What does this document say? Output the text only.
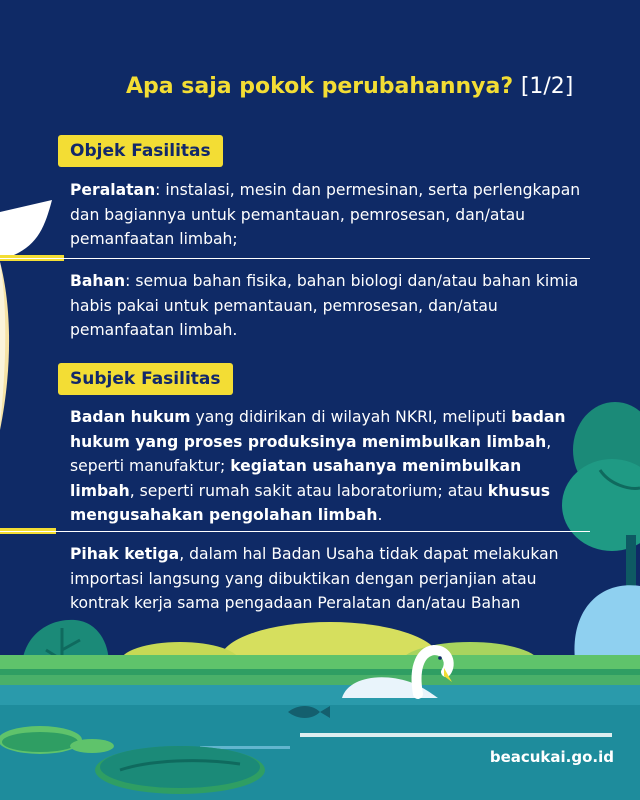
Apa saja pokok perubahannya? [1/2]
Objek Fasilitas
Peralatan: instalasi, mesin dan permesinan, serta perlengkapan dan bagiannya untuk pemantauan, pemrosesan, dan/atau pemanfaatan limbah;
Bahan: semua bahan fisika, bahan biologi dan/atau bahan kimia habis pakai untuk pemantauan, pemrosesan, dan/atau pemanfaatan limbah.
Subjek Fasilitas
Badan hukum yang didirikan di wilayah NKRI, meliputi badan hukum yang proses produksinya menimbulkan limbah, seperti manufaktur; kegiatan usahanya menimbulkan limbah, seperti rumah sakit atau laboratorium; atau khusus mengusahakan pengolahan limbah.
Pihak ketiga, dalam hal Badan Usaha tidak dapat melakukan importasi langsung yang dibuktikan dengan perjanjian atau kontrak kerja sama pengadaan Peralatan dan/atau Bahan
beacukai.go.id
